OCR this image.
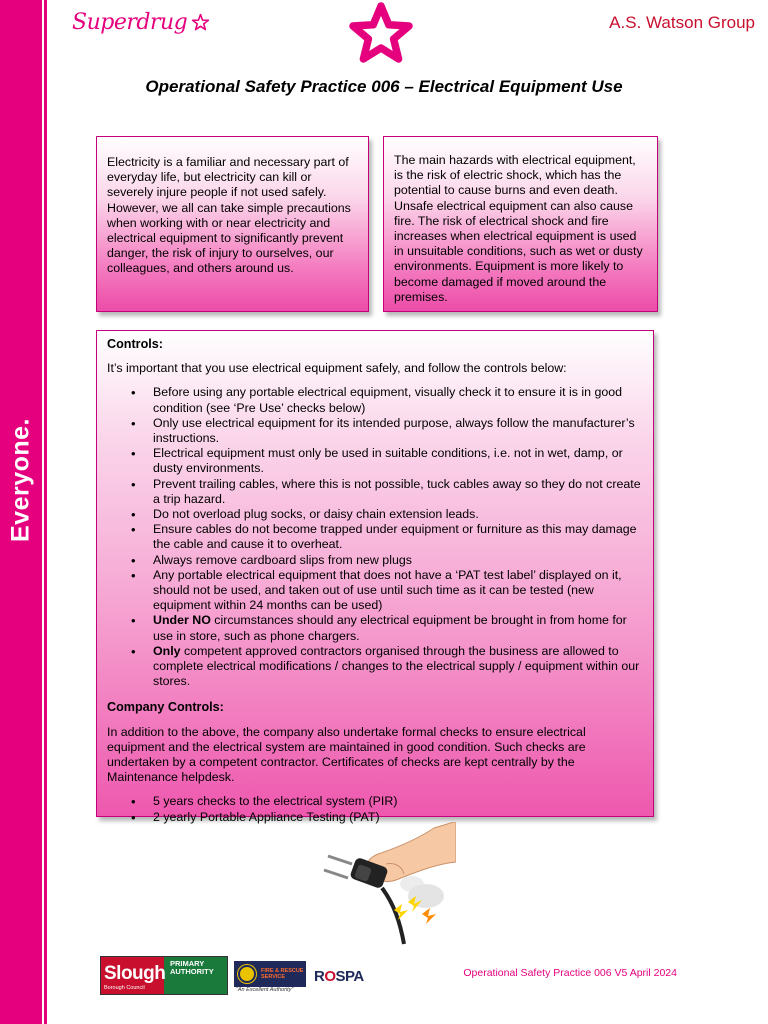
Everyone.
Superdrug	A.S. Watson Group
Operational Safety Practice 006 – Electrical Equipment Use
Electricity is a familiar and necessary part of everyday life, but electricity can kill or severely injure people if not used safely. However, we all can take simple precautions when working with or near electricity and electrical equipment to significantly prevent danger, the risk of injury to ourselves, our colleagues, and others around us.
The main hazards with electrical equipment, is the risk of electric shock, which has the potential to cause burns and even death. Unsafe electrical equipment can also cause fire. The risk of electrical shock and fire increases when electrical equipment is used in unsuitable conditions, such as wet or dusty environments. Equipment is more likely to become damaged if moved around the premises.
Controls:
It’s important that you use electrical equipment safely, and follow the controls below:
• Before using any portable electrical equipment, visually check it to ensure it is in good condition (see ‘Pre Use’ checks below)
• Only use electrical equipment for its intended purpose, always follow the manufacturer’s instructions.
• Electrical equipment must only be used in suitable conditions, i.e. not in wet, damp, or dusty environments.
• Prevent trailing cables, where this is not possible, tuck cables away so they do not create a trip hazard.
• Do not overload plug socks, or daisy chain extension leads.
• Ensure cables do not become trapped under equipment or furniture as this may damage the cable and cause it to overheat.
• Always remove cardboard slips from new plugs
• Any portable electrical equipment that does not have a ‘PAT test label’ displayed on it, should not be used, and taken out of use until such time as it can be tested (new equipment within 24 months can be used)
• Under NO circumstances should any electrical equipment be brought in from home for use in store, such as phone chargers.
• Only competent approved contractors organised through the business are allowed to complete electrical modifications / changes to the electrical supply / equipment within our stores.
Company Controls:
In addition to the above, the company also undertake formal checks to ensure electrical equipment and the electrical system are maintained in good condition. Such checks are undertaken by a competent contractor. Certificates of checks are kept centrally by the Maintenance helpdesk.
• 5 years checks to the electrical system (PIR)
• 2 yearly Portable Appliance Testing (PAT)
Slough
Borough Council
PRIMARY AUTHORITY	FIRE & RESCUE
SERVICE
“An Excellent Authority”
ROSPA	Operational Safety Practice 006 V5 April 2024
